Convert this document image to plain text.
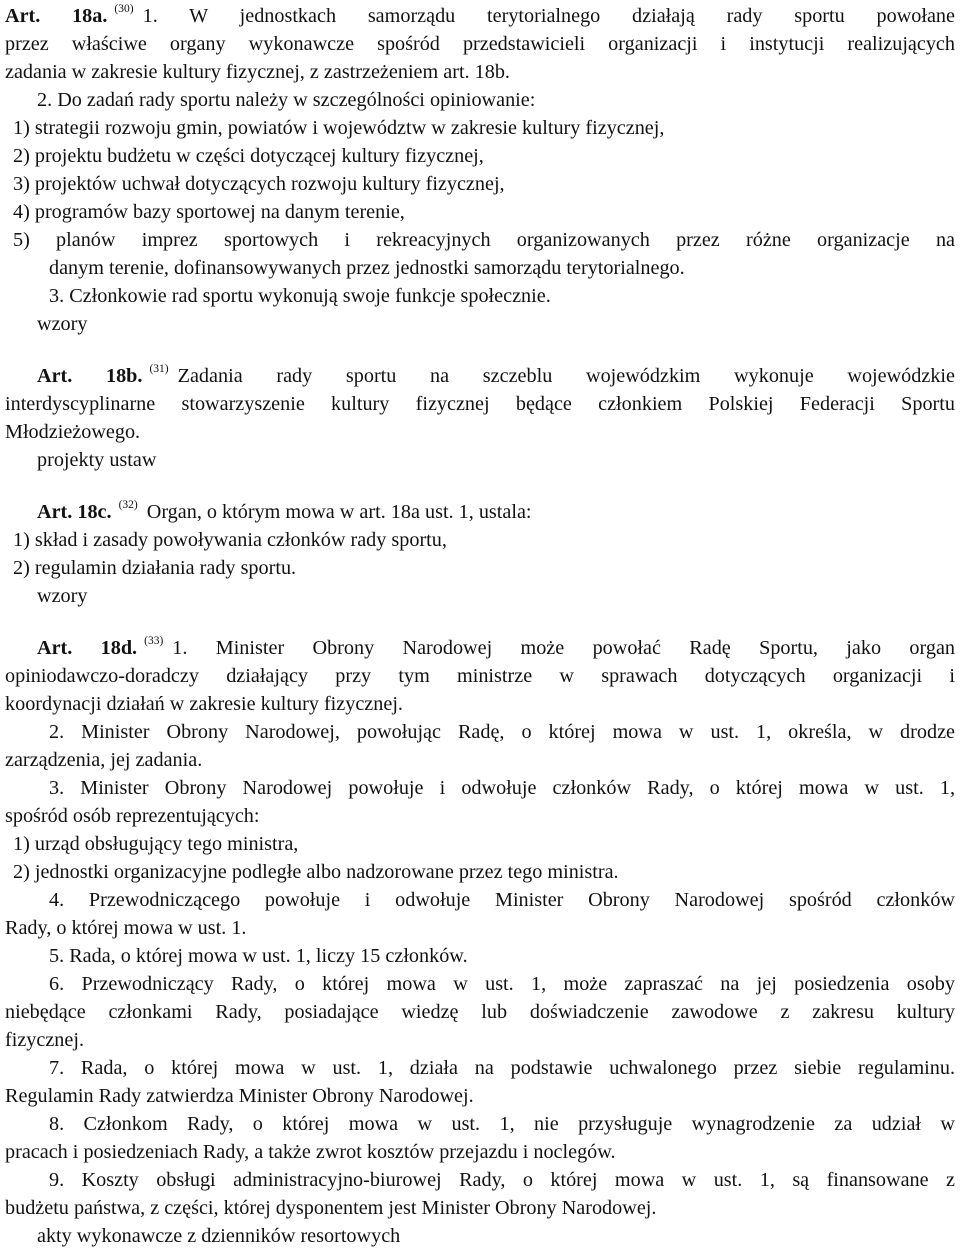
Art. 18a. $^{(30)}$ 1. W jednostkach samorządu terytorialnego działają rady sportu powołane
przez właściwe organy wykonawcze spośród przedstawicieli organizacji i instytucji realizujących
zadania w zakresie kultury fizycznej, z zastrzeżeniem art. 18b.
2. Do zadań rady sportu należy w szczególności opiniowanie:
1) strategii rozwoju gmin, powiatów i województw w zakresie kultury fizycznej,
2) projektu budżetu w części dotyczącej kultury fizycznej,
3) projektów uchwał dotyczących rozwoju kultury fizycznej,
4) programów bazy sportowej na danym terenie,
5) planów imprez sportowych i rekreacyjnych organizowanych przez różne organizacje na
danym terenie, dofinansowywanych przez jednostki samorządu terytorialnego.
3. Członkowie rad sportu wykonują swoje funkcje społecznie.
wzory
Art. 18b. $^{(31)}$ Zadania rady sportu na szczeblu wojewódzkim wykonuje wojewódzkie
interdyscyplinarne stowarzyszenie kultury fizycznej będące członkiem Polskiej Federacji Sportu
Młodzieżowego.
projekty ustaw
Art. 18c. $^{(32)}$ Organ, o którym mowa w art. 18a ust. 1, ustala:
1) skład i zasady powoływania członków rady sportu,
2) regulamin działania rady sportu.
wzory
Art. 18d. $^{(33)}$ 1. Minister Obrony Narodowej może powołać Radę Sportu, jako organ
opiniodawczo-doradczy działający przy tym ministrze w sprawach dotyczących organizacji i
koordynacji działań w zakresie kultury fizycznej.
2. Minister Obrony Narodowej, powołując Radę, o której mowa w ust. 1, określa, w drodze
zarządzenia, jej zadania.
3. Minister Obrony Narodowej powołuje i odwołuje członków Rady, o której mowa w ust. 1,
spośród osób reprezentujących:
1) urząd obsługujący tego ministra,
2) jednostki organizacyjne podległe albo nadzorowane przez tego ministra.
4. Przewodniczącego powołuje i odwołuje Minister Obrony Narodowej spośród członków
Rady, o której mowa w ust. 1.
5. Rada, o której mowa w ust. 1, liczy 15 członków.
6. Przewodniczący Rady, o której mowa w ust. 1, może zapraszać na jej posiedzenia osoby
niebędące członkami Rady, posiadające wiedzę lub doświadczenie zawodowe z zakresu kultury
fizycznej.
7. Rada, o której mowa w ust. 1, działa na podstawie uchwalonego przez siebie regulaminu.
Regulamin Rady zatwierdza Minister Obrony Narodowej.
8. Członkom Rady, o której mowa w ust. 1, nie przysługuje wynagrodzenie za udział w
pracach i posiedzeniach Rady, a także zwrot kosztów przejazdu i noclegów.
9. Koszty obsługi administracyjno-biurowej Rady, o której mowa w ust. 1, są finansowane z
budżetu państwa, z części, której dysponentem jest Minister Obrony Narodowej.
akty wykonawcze z dzienników resortowych
